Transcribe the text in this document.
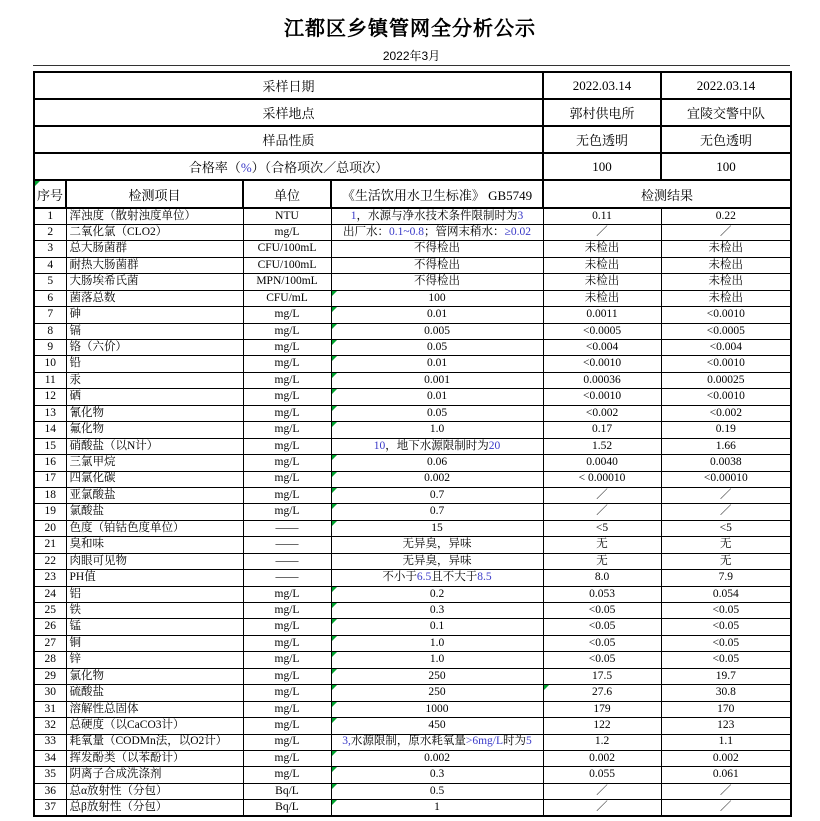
江都区乡镇管网全分析公示
2022年3月
采样日期				2022.03.14	2022.03.14
采样地点				郭村供电所	宜陵交警中队
样品性质				无色透明	无色透明
合格率（%）（合格项次／总项次）				100	100
序号	检测项目	单位	《生活饮用水卫生标准》 GB5749	检测结果	
1	浑浊度（散射浊度单位）	NTU	1，水源与净水技术条件限制时为3	0.11	0.22
2	二氧化氯（CLO2）	mg/L	出厂水：0.1~0.8；管网末稍水：≥0.02	／	／
3	总大肠菌群	CFU/100mL	不得检出	未检出	未检出
4	耐热大肠菌群	CFU/100mL	不得检出	未检出	未检出
5	大肠埃希氏菌	MPN/100mL	不得检出	未检出	未检出
6	菌落总数	CFU/mL	100	未检出	未检出
7	砷	mg/L	0.01	0.0011	<0.0010
8	镉	mg/L	0.005	<0.0005	<0.0005
9	铬（六价）	mg/L	0.05	<0.004	<0.004
10	铅	mg/L	0.01	<0.0010	<0.0010
11	汞	mg/L	0.001	0.00036	0.00025
12	硒	mg/L	0.01	<0.0010	<0.0010
13	氰化物	mg/L	0.05	<0.002	<0.002
14	氟化物	mg/L	1.0	0.17	0.19
15	硝酸盐（以N计）	mg/L	10，地下水源限制时为20	1.52	1.66
16	三氯甲烷	mg/L	0.06	0.0040	0.0038
17	四氯化碳	mg/L	0.002	< 0.00010	<0.00010
18	亚氯酸盐	mg/L	0.7	／	／
19	氯酸盐	mg/L	0.7	／	／
20	色度（铂钴色度单位）	——	15	<5	<5
21	臭和味	——	无异臭，异味	无	无
22	肉眼可见物	——	无异臭，异味	无	无
23	PH值	——	不小于6.5且不大于8.5	8.0	7.9
24	铝	mg/L	0.2	0.053	0.054
25	铁	mg/L	0.3	<0.05	<0.05
26	锰	mg/L	0.1	<0.05	<0.05
27	铜	mg/L	1.0	<0.05	<0.05
28	锌	mg/L	1.0	<0.05	<0.05
29	氯化物	mg/L	250	17.5	19.7
30	硫酸盐	mg/L	250	27.6	30.8
31	溶解性总固体	mg/L	1000	179	170
32	总硬度（以CaCO3计）	mg/L	450	122	123
33	耗氧量（CODMn法，以O2计）	mg/L	3,水源限制，原水耗氧量>6mg/L时为5	1.2	1.1
34	挥发酚类（以苯酚计）	mg/L	0.002	0.002	0.002
35	阴离子合成洗涤剂	mg/L	0.3	0.055	0.061
36	总α放射性（分包）	Bq/L	0.5	／	／
37	总β放射性（分包）	Bq/L	1	／	／
